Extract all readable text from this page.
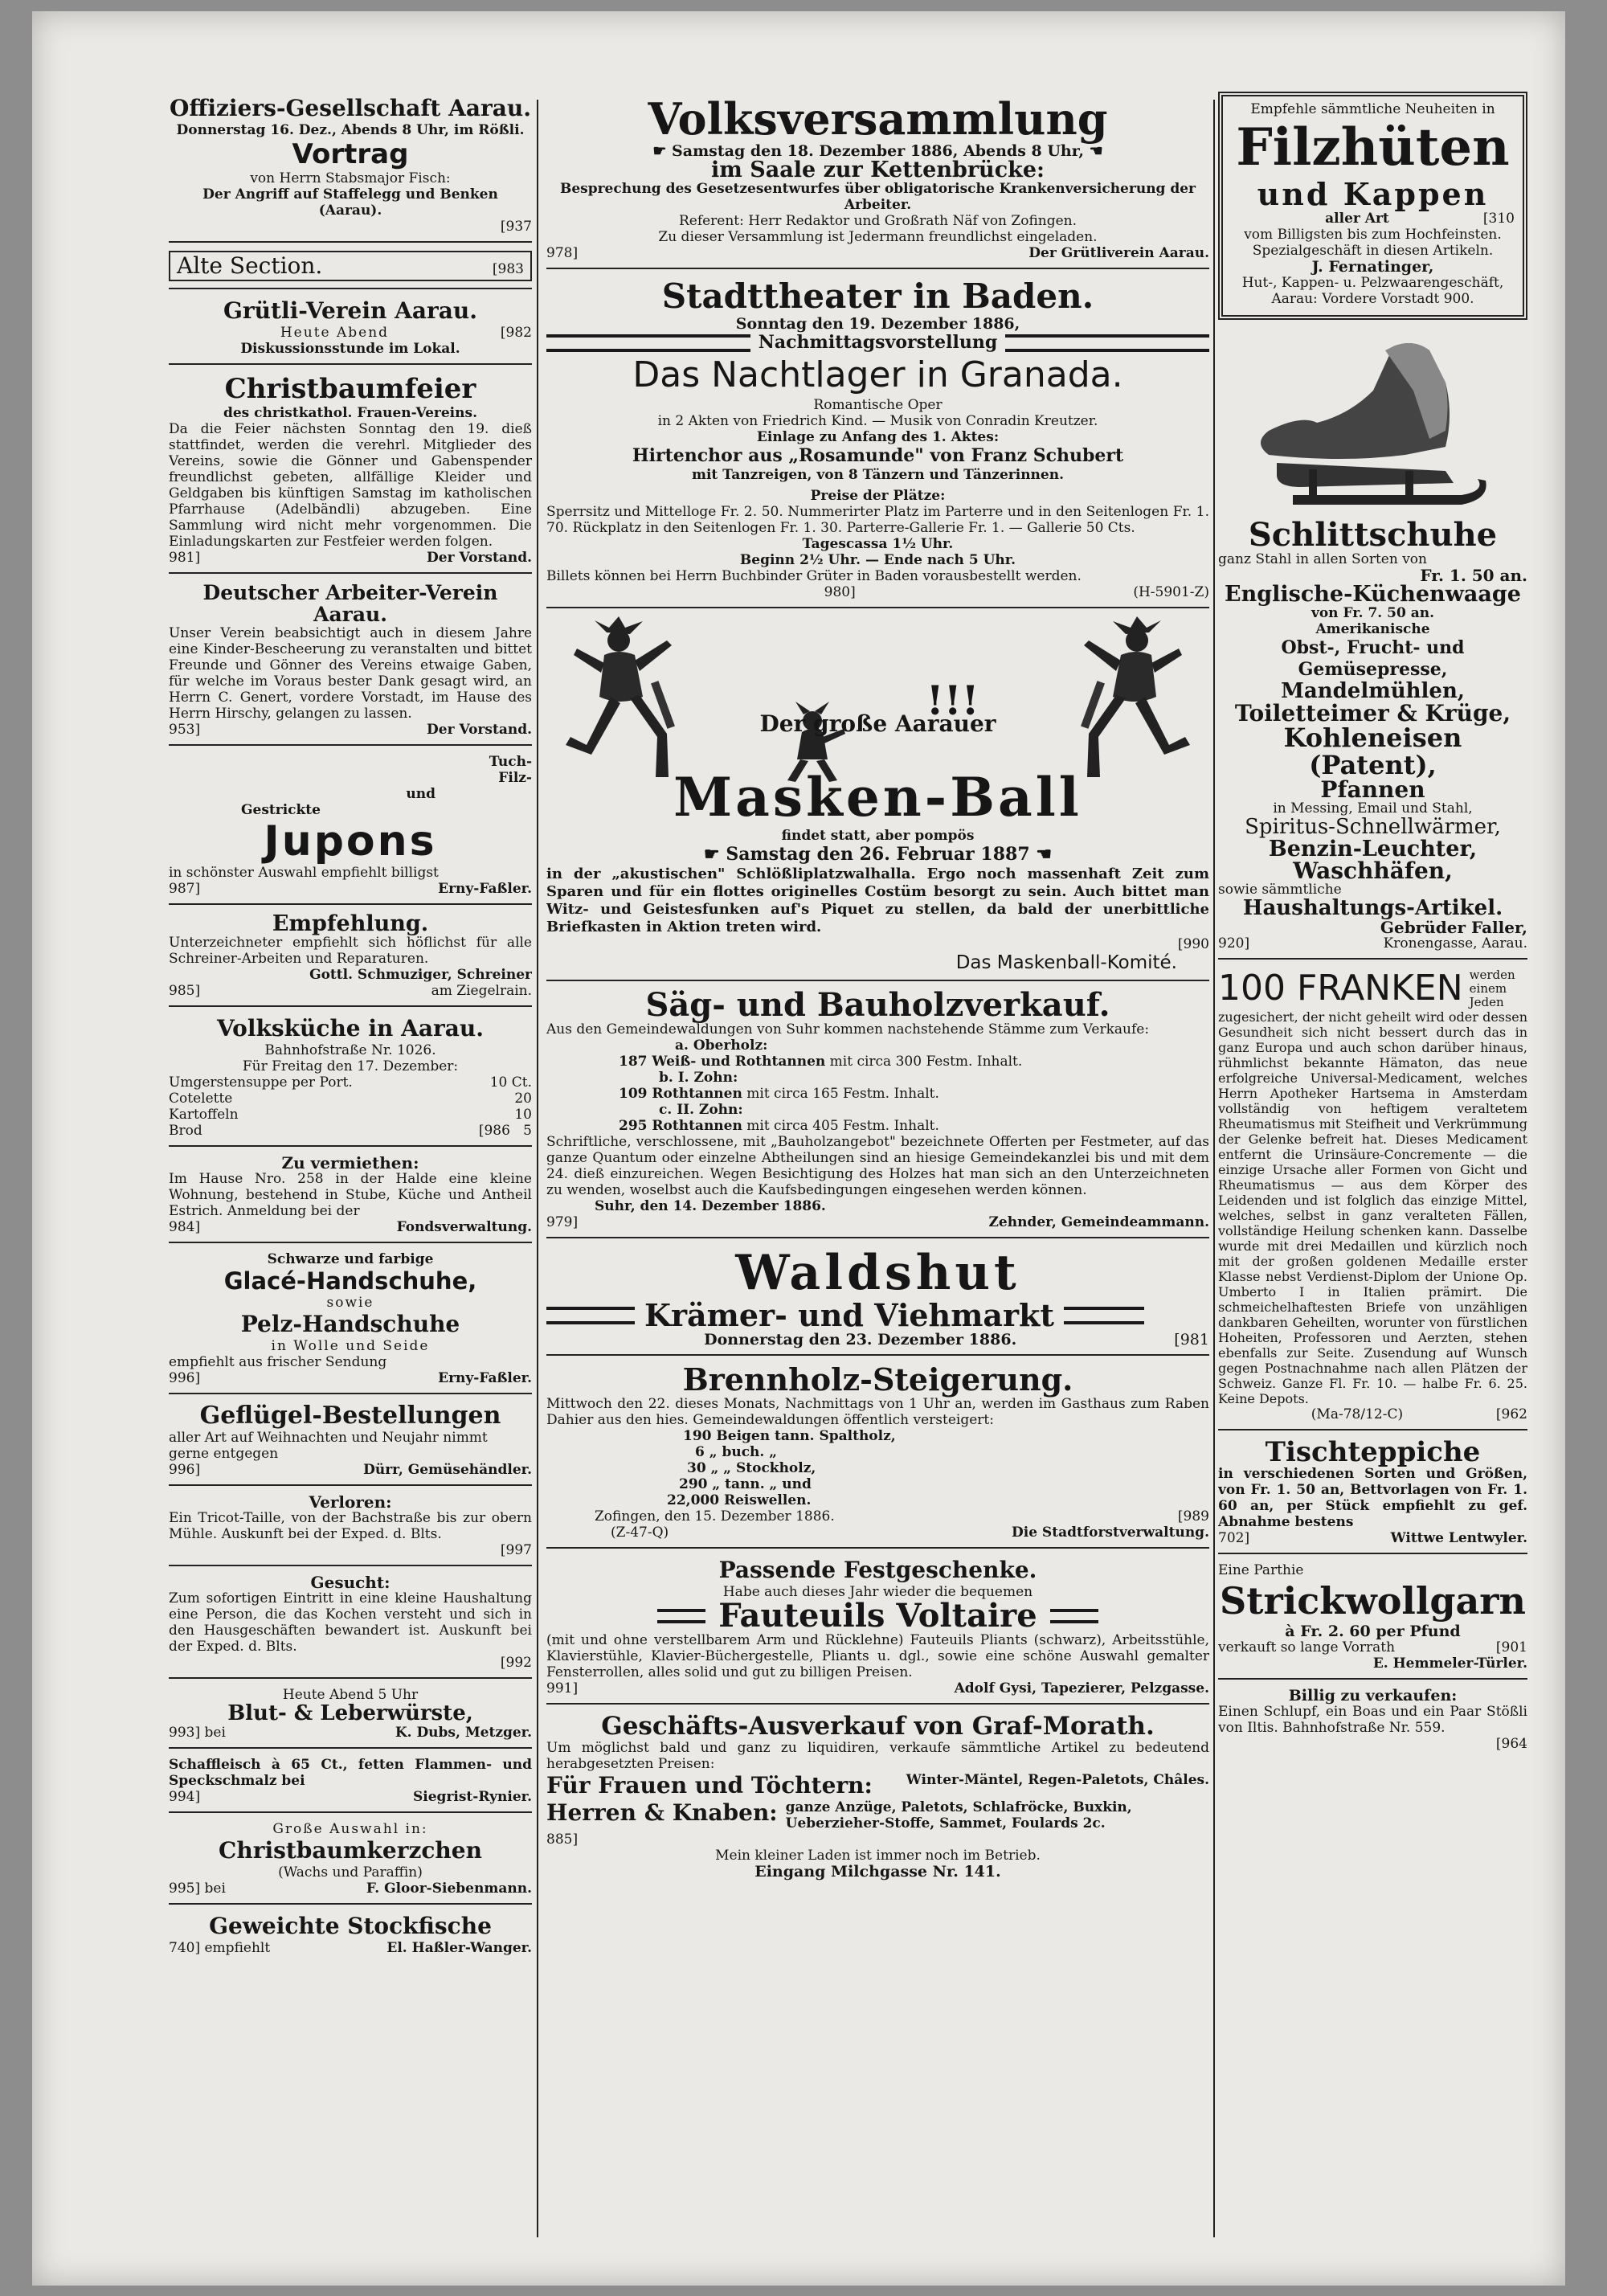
Offiziers-Gesellschaft Aarau.

Donnerstag 16. Dez., Abends 8 Uhr, im Rößli.

Vortrag

von Herrn Stabsmajor Fisch:

Der Angriff auf Staffelegg und Benken (Aarau).

[937

Alte Section.	[983

Grütli-Verein Aarau.

Heute Abend	[982

Diskussionsstunde im Lokal.

Christbaumfeier

des christkathol. Frauen-Vereins.

Da die Feier nächsten Sonntag den 19. dieß stattfindet, werden die verehrl. Mitglieder des Vereins, sowie die Gönner und Gabenspender freundlichst gebeten, allfällige Kleider und Geldgaben bis künftigen Samstag im katholischen Pfarrhause (Adelbändli) abzugeben. Eine Sammlung wird nicht mehr vorgenommen. Die Einladungskarten zur Festfeier werden folgen.

981]	Der Vorstand.

Deutscher Arbeiter-Verein Aarau.

Unser Verein beabsichtigt auch in diesem Jahre eine Kinder-Bescheerung zu veranstalten und bittet Freunde und Gönner des Vereins etwaige Gaben, für welche im Voraus bester Dank gesagt wird, an Herrn C. Genert, vordere Vorstadt, im Hause des Herrn Hirschy, gelangen zu lassen.

953]	Der Vorstand.
Tuch-
Filz-
und

Gestrickte

Jupons

in schönster Auswahl empfiehlt billigst

987]	Erny-Faßler.

Empfehlung.

Unterzeichneter empfiehlt sich höflichst für alle Schreiner-Arbeiten und Reparaturen.

Gottl. Schmuziger, Schreiner

985]	am Ziegelrain.

Volksküche in Aarau.

Bahnhofstraße Nr. 1026.

Für Freitag den 17. Dezember:

Umgerstensuppe per Port.	10 Ct.
Cotelette	20
Kartoffeln	10
Brod	[986 5

Zu vermiethen:

Im Hause Nro. 258 in der Halde eine kleine Wohnung, bestehend in Stube, Küche und Antheil Estrich. Anmeldung bei der

984]	Fondsverwaltung.

Schwarze und farbige

Glacé-Handschuhe,

sowie

Pelz-Handschuhe

in Wolle und Seide

empfiehlt aus frischer Sendung

996]	Erny-Faßler.

Geflügel-Bestellungen

aller Art auf Weihnachten und Neujahr nimmt gerne entgegen

996]	Dürr, Gemüsehändler.

Verloren:

Ein Tricot-Taille, von der Bachstraße bis zur obern Mühle. Auskunft bei der Exped. d. Blts.

[997

Gesucht:

Zum sofortigen Eintritt in eine kleine Haushaltung eine Person, die das Kochen versteht und sich in den Hausgeschäften bewandert ist. Auskunft bei der Exped. d. Blts.

[992

Heute Abend 5 Uhr

Blut- & Leberwürste,

993] bei	K. Dubs, Metzger.

Schaffleisch à 65 Ct., fetten Flammen- und Speckschmalz bei

994]	Siegrist-Rynier.

Große Auswahl in:

Christbaumkerzchen

(Wachs und Paraffin)

995] bei	F. Gloor-Siebenmann.

Geweichte Stockfische

740] empfiehlt	El. Haßler-Wanger.

Volksversammlung

☛ Samstag den 18. Dezember 1886, Abends 8 Uhr, ☚

im Saale zur Kettenbrücke:

Besprechung des Gesetzesentwurfes über obligatorische Krankenversicherung der Arbeiter.

Referent: Herr Redaktor und Großrath Näf von Zofingen.

Zu dieser Versammlung ist Jedermann freundlichst eingeladen.

978]	Der Grütliverein Aarau.

Stadttheater in Baden.

Sonntag den 19. Dezember 1886,

Nachmittagsvorstellung

Das Nachtlager in Granada.

Romantische Oper

in 2 Akten von Friedrich Kind. — Musik von Conradin Kreutzer.

Einlage zu Anfang des 1. Aktes:

Hirtenchor aus „Rosamunde" von Franz Schubert

mit Tanzreigen, von 8 Tänzern und Tänzerinnen.

Preise der Plätze:

Sperrsitz und Mittelloge Fr. 2. 50. Nummerirter Platz im Parterre und in den Seitenlogen Fr. 1. 70. Rückplatz in den Seitenlogen Fr. 1. 30. Parterre-Gallerie Fr. 1. — Gallerie 50 Cts.

Tagescassa 1½ Uhr.

Beginn 2½ Uhr. — Ende nach 5 Uhr.

Billets können bei Herrn Buchbinder Grüter in Baden vorausbestellt werden.

980]	(H-5901-Z)
!!!

Der große Aarauer

Masken-Ball

findet statt, aber pompös

☛ Samstag den 26. Februar 1887 ☚

in der „akustischen" Schlößliplatzwalhalla. Ergo noch massenhaft Zeit zum Sparen und für ein flottes originelles Costüm besorgt zu sein. Auch bittet man Witz- und Geistesfunken auf's Piquet zu stellen, da bald der unerbittliche Briefkasten in Aktion treten wird.

[990

Das Maskenball-Komité.

Säg- und Bauholzverkauf.

Aus den Gemeindewaldungen von Suhr kommen nachstehende Stämme zum Verkaufe:

a. Oberholz:

187 Weiß- und Rothtannen mit circa 300 Festm. Inhalt.

b. I. Zohn:

109 Rothtannen mit circa 165 Festm. Inhalt.

c. II. Zohn:

295 Rothtannen mit circa 405 Festm. Inhalt.

Schriftliche, verschlossene, mit „Bauholzangebot" bezeichnete Offerten per Festmeter, auf das ganze Quantum oder einzelne Abtheilungen sind an hiesige Gemeindekanzlei bis und mit dem 24. dieß einzureichen. Wegen Besichtigung des Holzes hat man sich an den Unterzeichneten zu wenden, woselbst auch die Kaufsbedingungen eingesehen werden können.

Suhr, den 14. Dezember 1886.

979]	Zehnder, Gemeindeammann.

Waldshut

Krämer- und Viehmarkt
Donnerstag den 23. Dezember 1886.	[981

Brennholz-Steigerung.

Mittwoch den 22. dieses Monats, Nachmittags von 1 Uhr an, werden im Gasthaus zum Raben Dahier aus den hies. Gemeindewaldungen öffentlich versteigert:

190 Beigen tann. Spaltholz,

6 „ buch. „

30 „ „ Stockholz,

290 „ tann. „ und

22,000 Reiswellen.

Zofingen, den 15. Dezember 1886.	[989
(Z-47-Q)	Die Stadtforstverwaltung.

Passende Festgeschenke.

Habe auch dieses Jahr wieder die bequemen

Fauteuils Voltaire

(mit und ohne verstellbarem Arm und Rücklehne) Fauteuils Pliants (schwarz), Arbeitsstühle, Klavierstühle, Klavier-Büchergestelle, Pliants u. dgl., sowie eine schöne Auswahl gemalter Fensterrollen, alles solid und gut zu billigen Preisen.

991]	Adolf Gysi, Tapezierer, Pelzgasse.

Geschäfts-Ausverkauf von Graf-Morath.

Um möglichst bald und ganz zu liquidiren, verkaufe sämmtliche Artikel zu bedeutend herabgesetzten Preisen:

Für Frauen und Töchtern: Winter-Mäntel, Regen-Paletots, Châles.
Herren & Knaben: ganze Anzüge, Paletots, Schlafröcke, Buxkin, Ueberzieher-Stoffe, Sammet, Foulards 2c.

885]

Mein kleiner Laden ist immer noch im Betrieb.

Eingang Milchgasse Nr. 141.

Empfehle sämmtliche Neuheiten in

Filzhüten

und Kappen

aller Art	[310

vom Billigsten bis zum Hochfeinsten.

Spezialgeschäft in diesen Artikeln.

J. Fernatinger,

Hut-, Kappen- u. Pelzwaarengeschäft,

Aarau: Vordere Vorstadt 900.

Schlittschuhe

ganz Stahl in allen Sorten von

Fr. 1. 50 an.

Englische-Küchenwaage

von Fr. 7. 50 an.

Amerikanische

Obst-, Frucht- und Gemüsepresse,

Mandelmühlen,

Toiletteimer & Krüge,

Kohleneisen (Patent),

Pfannen

in Messing, Email und Stahl,

Spiritus-Schnellwärmer,

Benzin-Leuchter,

Waschhäfen,

sowie sämmtliche

Haushaltungs-Artikel.

Gebrüder Faller,

920]	Kronengasse, Aarau.
100 FRANKEN werden einem Jeden

zugesichert, der nicht geheilt wird oder dessen Gesundheit sich nicht bessert durch das in ganz Europa und auch schon darüber hinaus, rühmlichst bekannte Hämaton, das neue erfolgreiche Universal-Medicament, welches Herrn Apotheker Hartsema in Amsterdam vollständig von heftigem veraltetem Rheumatismus mit Steifheit und Verkrümmung der Gelenke befreit hat. Dieses Medicament entfernt die Urinsäure-Concremente — die einzige Ursache aller Formen von Gicht und Rheumatismus — aus dem Körper des Leidenden und ist folglich das einzige Mittel, welches, selbst in ganz veralteten Fällen, vollständige Heilung schenken kann. Dasselbe wurde mit drei Medaillen und kürzlich noch mit der großen goldenen Medaille erster Klasse nebst Verdienst-Diplom der Unione Op. Umberto I in Italien prämirt. Die schmeichelhaftesten Briefe von unzähligen dankbaren Geheilten, worunter von fürstlichen Hoheiten, Professoren und Aerzten, stehen ebenfalls zur Seite. Zusendung auf Wunsch gegen Postnachnahme nach allen Plätzen der Schweiz. Ganze Fl. Fr. 10. — halbe Fr. 6. 25. Keine Depots.

(Ma-78/12-C)	[962

Tischteppiche

in verschiedenen Sorten und Größen, von Fr. 1. 50 an, Bettvorlagen von Fr. 1. 60 an, per Stück empfiehlt zu gef. Abnahme bestens

702]	Wittwe Lentwyler.

Eine Parthie

Strickwollgarn

à Fr. 2. 60 per Pfund

verkauft so lange Vorrath	[901

E. Hemmeler-Türler.

Billig zu verkaufen:

Einen Schlupf, ein Boas und ein Paar Stößli von Iltis. Bahnhofstraße Nr. 559.

[964
